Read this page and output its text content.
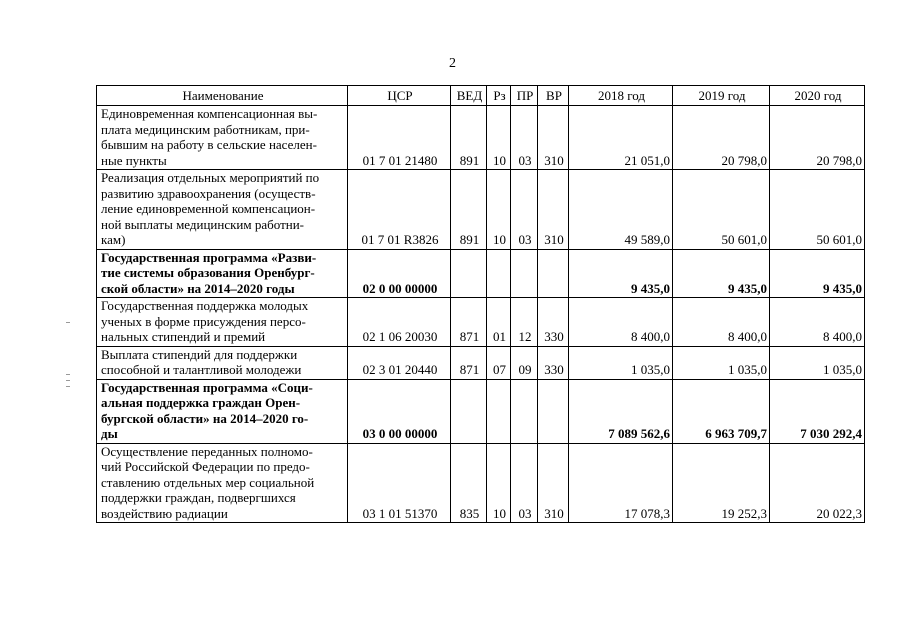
2
Наименование	ЦСР	ВЕД	Рз	ПР	ВР	2018 год	2019 год	2020 год
Единовременная компенсационная вы-
плата медицинским работникам, при-
бывшим на работу в сельские населен-
ные пункты	01 7 01 21480	891	10	03	310	21 051,0	20 798,0	20 798,0
Реализация отдельных мероприятий по
развитию здравоохранения (осуществ-
ление единовременной компенсацион-
ной выплаты медицинским работни-
кам)	01 7 01 R3826	891	10	03	310	49 589,0	50 601,0	50 601,0
Государственная программа «Разви-
тие системы образования Оренбург-
ской области» на 2014–2020 годы	02 0 00 00000					9 435,0	9 435,0	9 435,0
Государственная поддержка молодых
ученых в форме присуждения персо-
нальных стипендий и премий	02 1 06 20030	871	01	12	330	8 400,0	8 400,0	8 400,0
Выплата стипендий для поддержки
способной и талантливой молодежи	02 3 01 20440	871	07	09	330	1 035,0	1 035,0	1 035,0
Государственная программа «Соци-
альная поддержка граждан Орен-
бургской области» на 2014–2020 го-
ды	03 0 00 00000					7 089 562,6	6 963 709,7	7 030 292,4
Осуществление переданных полномо-
чий Российской Федерации по предо-
ставлению отдельных мер социальной
поддержки граждан, подвергшихся
воздействию радиации	03 1 01 51370	835	10	03	310	17 078,3	19 252,3	20 022,3
